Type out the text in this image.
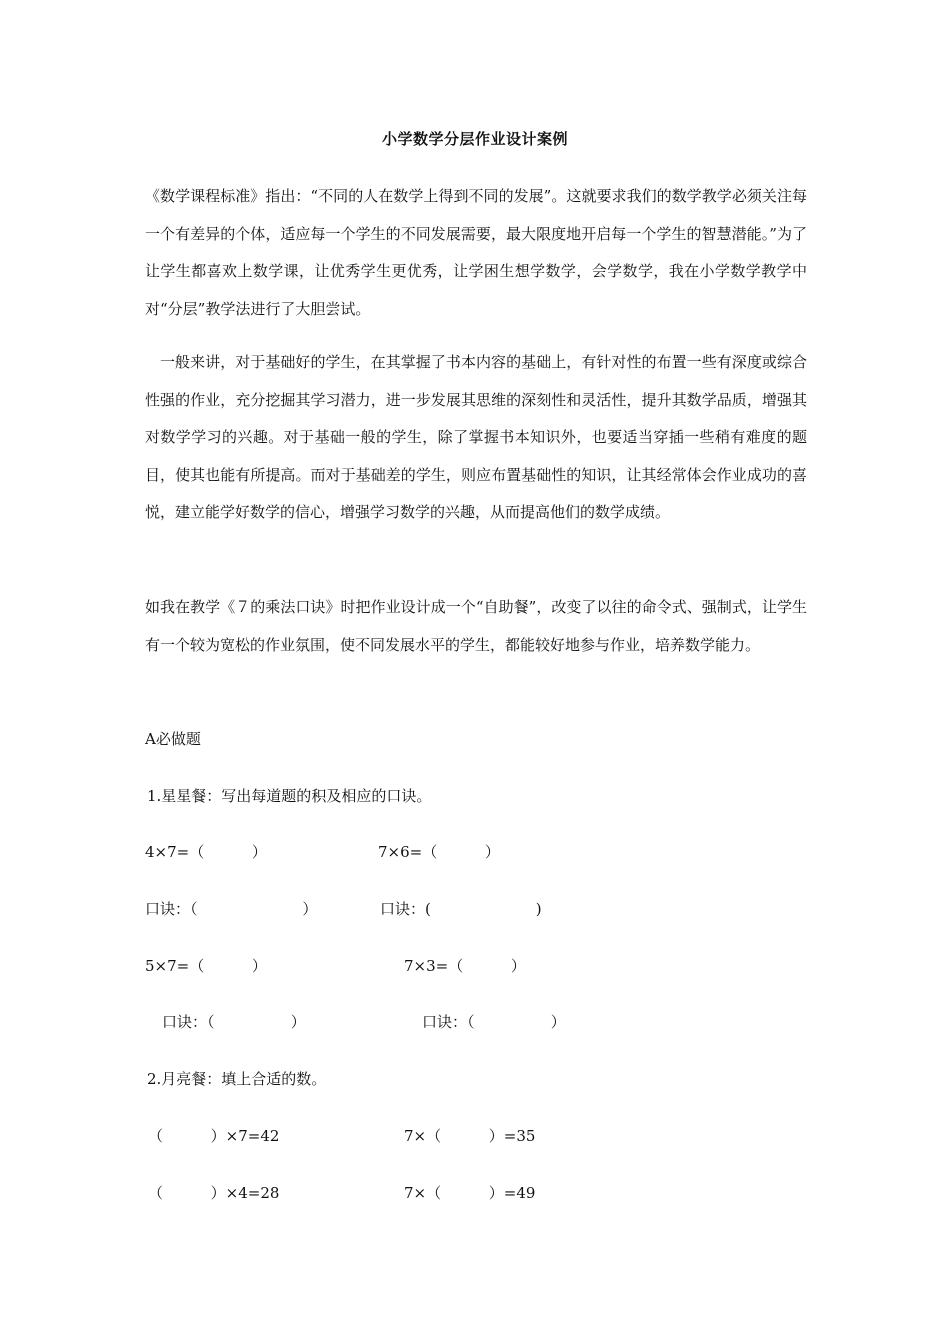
小学数学分层作业设计案例

《数学课程标准》指出：“不同的人在数学上得到不同的发展”。这就要求我们的数学教学必须关注每一个有差异的个体，适应每一个学生的不同发展需要，最大限度地开启每一个学生的智慧潜能。”为了让学生都喜欢上数学课，让优秀学生更优秀，让学困生想学数学，会学数学，我在小学数学教学中对“分层”教学法进行了大胆尝试。

一般来讲，对于基础好的学生，在其掌握了书本内容的基础上，有针对性的布置一些有深度或综合性强的作业，充分挖掘其学习潜力，进一步发展其思维的深刻性和灵活性，提升其数学品质，增强其对数学学习的兴趣。对于基础一般的学生，除了掌握书本知识外，也要适当穿插一些稍有难度的题目，使其也能有所提高。而对于基础差的学生，则应布置基础性的知识，让其经常体会作业成功的喜悦，建立能学好数学的信心，增强学习数学的兴趣，从而提高他们的数学成绩。

如我在教学《７的乘法口诀》时把作业设计成一个“自助餐”，改变了以往的命令式、强制式，让学生有一个较为宽松的作业氛围，使不同发展水平的学生，都能较好地参与作业，培养数学能力。

A必做题
1.星星餐：写出每道题的积及相应的口诀。
4×7=（          ）	7×6=（          ）
口诀：（                      ）	口诀：(                      )
5×7=（          ）	7×3=（          ）
口诀：（                ）	口诀：（                ）
2.月亮餐：填上合适的数。
（          ）×7=42	7×（          ）=35
（          ）×4=28	7×（          ）=49
